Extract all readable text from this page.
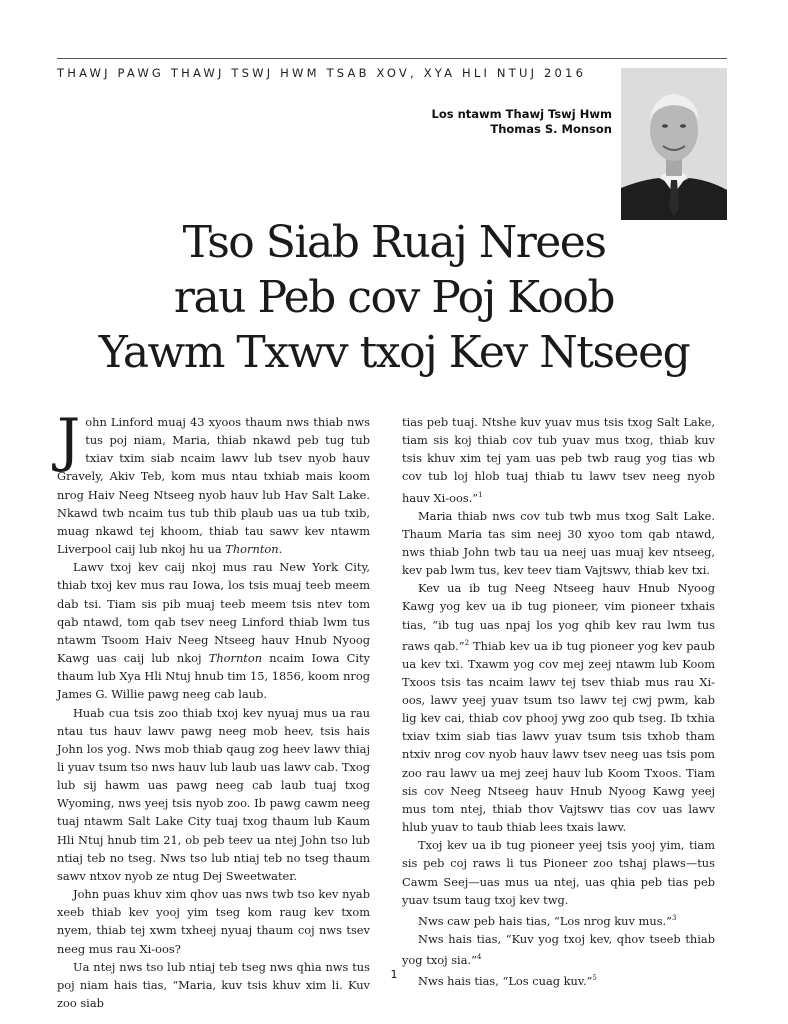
THAWJ PAWG THAWJ TSWJ HWM TSAB XOV, XYA HLI NTUJ 2016
Los ntawm Thawj Tswj Hwm
Thomas S. Monson
Tso Siab Ruaj Nrees
rau Peb cov Poj Koob
Yawm Txwv txoj Kev Ntseeg

John Linford muaj 43 xyoos thaum nws thiab nws tus poj niam, Maria, thiab nkawd peb tug tub txiav txim siab ncaim lawv lub tsev nyob hauv Gravely, Akiv Teb, kom mus ntau txhiab mais koom nrog Haiv Neeg Ntseeg nyob hauv lub Hav Salt Lake. Nkawd twb ncaim tus tub thib plaub uas ua tub txib, muag nkawd tej khoom, thiab tau sawv kev ntawm Liverpool caij lub nkoj hu ua Thornton.

Lawv txoj kev caij nkoj mus rau New York City, thiab txoj kev mus rau Iowa, los tsis muaj teeb meem dab tsi. Tiam sis pib muaj teeb meem tsis ntev tom qab ntawd, tom qab tsev neeg Linford thiab lwm tus ntawm Tsoom Haiv Neeg Ntseeg hauv Hnub Nyoog Kawg uas caij lub nkoj Thornton ncaim Iowa City thaum lub Xya Hli Ntuj hnub tim 15, 1856, koom nrog James G. Willie pawg neeg cab laub.

Huab cua tsis zoo thiab txoj kev nyuaj mus ua rau ntau tus hauv lawv pawg neeg mob heev, tsis hais John los yog. Nws mob thiab qaug zog heev lawv thiaj li yuav tsum tso nws hauv lub laub uas lawv cab. Txog lub sij hawm uas pawg neeg cab laub tuaj txog Wyoming, nws yeej tsis nyob zoo. Ib pawg cawm neeg tuaj ntawm Salt Lake City tuaj txog thaum lub Kaum Hli Ntuj hnub tim 21, ob peb teev ua ntej John tso lub ntiaj teb no tseg. Nws tso lub ntiaj teb no tseg thaum sawv ntxov nyob ze ntug Dej Sweetwater.

John puas khuv xim qhov uas nws twb tso kev nyab xeeb thiab kev yooj yim tseg kom raug kev txom nyem, thiab tej xwm txheej nyuaj thaum coj nws tsev neeg mus rau Xi-oos?

Ua ntej nws tso lub ntiaj teb tseg nws qhia nws tus poj niam hais tias, “Maria, kuv tsis khuv xim li. Kuv zoo siab

tias peb tuaj. Ntshe kuv yuav mus tsis txog Salt Lake, tiam sis koj thiab cov tub yuav mus txog, thiab kuv tsis khuv xim tej yam uas peb twb raug yog tias wb cov tub loj hlob tuaj thiab tu lawv tsev neeg nyob hauv Xi-oos.”$^1$

Maria thiab nws cov tub twb mus txog Salt Lake. Thaum Maria tas sim neej 30 xyoo tom qab ntawd, nws thiab John twb tau ua neej uas muaj kev ntseeg, kev pab lwm tus, kev teev tiam Vajtswv, thiab kev txi.

Kev ua ib tug Neeg Ntseeg hauv Hnub Nyoog Kawg yog kev ua ib tug pioneer, vim pioneer txhais tias, “ib tug uas npaj los yog qhib kev rau lwm tus raws qab.”$^2$ Thiab kev ua ib tug pioneer yog kev paub ua kev txi. Txawm yog cov mej zeej ntawm lub Koom Txoos tsis tas ncaim lawv tej tsev thiab mus rau Xi-oos, lawv yeej yuav tsum tso lawv tej cwj pwm, kab lig kev cai, thiab cov phooj ywg zoo qub tseg. Ib txhia txiav txim siab tias lawv yuav tsum tsis txhob tham ntxiv nrog cov nyob hauv lawv tsev neeg uas tsis pom zoo rau lawv ua mej zeej hauv lub Koom Txoos. Tiam sis cov Neeg Ntseeg hauv Hnub Nyoog Kawg yeej mus tom ntej, thiab thov Vajtswv tias cov uas lawv hlub yuav to taub thiab lees txais lawv.

Txoj kev ua ib tug pioneer yeej tsis yooj yim, tiam sis peb coj raws li tus Pioneer zoo tshaj plaws—tus Cawm Seej—uas mus ua ntej, uas qhia peb tias peb yuav tsum taug txoj kev twg.

Nws caw peb hais tias, “Los nrog kuv mus.”$^3$

Nws hais tias, “Kuv yog txoj kev, qhov tseeb thiab yog txoj sia.”$^4$

Nws hais tias, “Los cuag kuv.”$^5$

1
